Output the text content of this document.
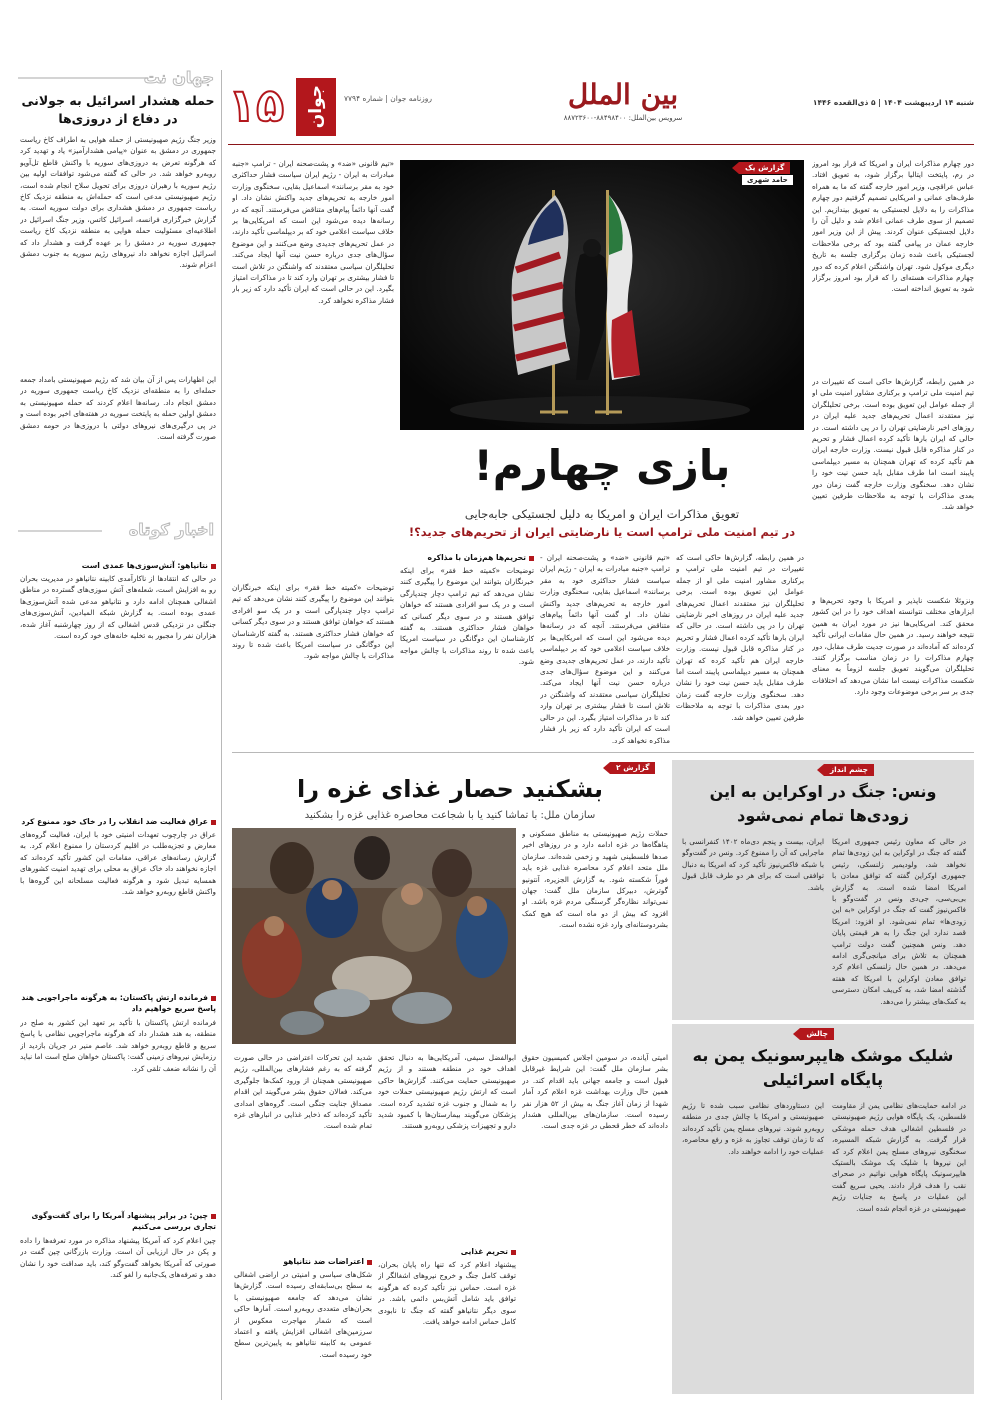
۱۵ جوان	روزنامه جوان | شماره ۷۷۹۴	بین الملل
سرویس بین‌الملل: ۸۸۴۹۸۴۰۰-۸۸۷۲۳۶۰۰
شنبه ۱۴ اردیبهشت ۱۴۰۴ | ۵ ذی‌القعده ۱۴۴۶
جهان نت
حمله هشدار اسرائیل به جولانی در دفاع از دروزی‌ها
وزیر جنگ رژیم صهیونیستی از حمله هوایی به اطراف کاخ ریاست جمهوری در دمشق به عنوان «پیامی هشدارآمیز» یاد و تهدید کرد که هرگونه تعرض به دروزی‌های سوریه با واکنش قاطع تل‌آویو روبه‌رو خواهد شد. در حالی که گفته می‌شود توافقات اولیه بین رژیم سوریه با رهبران دروزی برای تحویل سلاح انجام شده است، رژیم صهیونیستی مدعی است که حمله‌اش به منطقه نزدیک کاخ ریاست جمهوری در دمشق هشداری برای دولت سوریه است. به گزارش خبرگزاری فرانسه، اسرائیل کاتس، وزیر جنگ اسرائیل در اطلاعیه‌ای مسئولیت حمله هوایی به منطقه نزدیک کاخ ریاست جمهوری سوریه در دمشق را بر عهده گرفت و هشدار داد که اسرائیل اجازه نخواهد داد نیروهای رژیم سوریه به جنوب دمشق اعزام شوند.
این اظهارات پس از آن بیان شد که رژیم صهیونیستی بامداد جمعه حمله‌ای را به منطقه‌ای نزدیک کاخ ریاست جمهوری سوریه در دمشق انجام داد. رسانه‌ها اعلام کردند که حمله صهیونیستی به دمشق اولین حمله به پایتخت سوریه در هفته‌های اخیر بوده است و در پی درگیری‌های نیروهای دولتی با دروزی‌ها در حومه دمشق صورت گرفته است.
اخبار کوتاه
نتانیاهو: آتش‌سوزی‌ها عمدی است
در حالی که انتقادها از ناکارآمدی کابینه نتانیاهو در مدیریت بحران رو به افزایش است، شعله‌های آتش سوزی‌های گسترده در مناطق اشغالی همچنان ادامه دارد و نتانیاهو مدعی شده آتش‌سوزی‌ها عمدی بوده است. به گزارش شبکه المیادین، آتش‌سوزی‌های جنگلی در نزدیکی قدس اشغالی که از روز چهارشنبه آغاز شده، هزاران نفر را مجبور به تخلیه خانه‌های خود کرده است.
عراق فعالیت ضد انقلاب را در خاک خود ممنوع کرد
عراق در چارچوب تعهدات امنیتی خود با ایران، فعالیت گروه‌های معارض و تجزیه‌طلب در اقلیم کردستان را ممنوع اعلام کرد. به گزارش رسانه‌های عراقی، مقامات این کشور تأکید کرده‌اند که اجازه نخواهند داد خاک عراق به محلی برای تهدید امنیت کشورهای همسایه تبدیل شود و هرگونه فعالیت مسلحانه این گروه‌ها با واکنش قاطع روبه‌رو خواهد شد.
فرمانده ارتش پاکستان: به هرگونه ماجراجویی هند پاسخ سریع خواهیم داد
فرمانده ارتش پاکستان با تأکید بر تعهد این کشور به صلح در منطقه، به هند هشدار داد که هرگونه ماجراجویی نظامی با پاسخ سریع و قاطع روبه‌رو خواهد شد. عاصم منیر در جریان بازدید از رزمایش نیروهای زمینی گفت: پاکستان خواهان صلح است اما نباید آن را نشانه ضعف تلقی کرد.
چین: در برابر پیشنهاد آمریکا را برای گفت‌وگوی تجاری بررسی می‌کنیم
چین اعلام کرد که آمریکا پیشنهاد مذاکره در مورد تعرفه‌ها را داده و پکن در حال ارزیابی آن است. وزارت بازرگانی چین گفت در صورتی که آمریکا بخواهد گفت‌وگو کند، باید صداقت خود را نشان دهد و تعرفه‌های یک‌جانبه را لغو کند.
دور چهارم مذاکرات ایران و امریکا که قرار بود امروز در رم، پایتخت ایتالیا برگزار شود، به تعویق افتاد. عباس عراقچی، وزیر امور خارجه گفته که ما به همراه طرف‌های عمانی و امریکایی تصمیم گرفتیم دور چهارم مذاکرات را به دلایل لجستیکی به تعویق بیندازیم. این تصمیم از سوی طرف عمانی اعلام شد و دلیل آن را دلایل لجستیکی عنوان کردند. پیش از این وزیر امور خارجه عمان در پیامی گفته بود که برخی ملاحظات لجستیکی باعث شده زمان برگزاری جلسه به تاریخ دیگری موکول شود. تهران واشنگتن اعلام کرده که دور چهارم مذاکرات هسته‌ای را که قرار بود امروز برگزار شود به تعویق انداخته است.
در همین رابطه، گزارش‌ها حاکی است که تغییرات در تیم امنیت ملی ترامپ و برکناری مشاور امنیت ملی او از جمله عوامل این تعویق بوده است. برخی تحلیلگران نیز معتقدند اعمال تحریم‌های جدید علیه ایران در روزهای اخیر نارضایتی تهران را در پی داشته است. در حالی که ایران بارها تأکید کرده اعمال فشار و تحریم در کنار مذاکره قابل قبول نیست. وزارت خارجه ایران هم تأکید کرده که تهران همچنان به مسیر دیپلماسی پایبند است اما طرف مقابل باید حسن نیت خود را نشان دهد. سخنگوی وزارت خارجه گفت زمان دور بعدی مذاکرات با توجه به ملاحظات طرفین تعیین خواهد شد.
ونزوئلا شکست ناپذیر و امریکا با وجود تحریم‌ها و ابزارهای مختلف نتوانسته اهداف خود را در این کشور محقق کند. امریکایی‌ها نیز در مورد ایران به همین نتیجه خواهند رسید. در همین حال مقامات ایرانی تأکید کرده‌اند که آماده‌اند در صورت جدیت طرف مقابل، دور چهارم مذاکرات را در زمان مناسب برگزار کنند. تحلیلگران می‌گویند تعویق جلسه لزوماً به معنای شکست مذاکرات نیست اما نشان می‌دهد که اختلافات جدی بر سر برخی موضوعات وجود دارد.
گزارش یک
حامد شهری
بازی چهارم!
تعویق مذاکرات ایران و امریکا به دلیل لجستیکی جابه‌جایی
در تیم امنیت ملی ترامپ است یا نارضایتی ایران از تحریم‌های جدید؟!
«تیم قانونی «ضد» و پشت‌صحنه ایران - ترامپ «جنبه مبادرات به ایران - رژیم ایران سیاست فشار حداکثری خود به مقر برسانند» اسماعیل بقایی، سخنگوی وزارت امور خارجه به تحریم‌های جدید واکنش نشان داد. او گفت آنها دائماً پیام‌های متناقض می‌فرستند. آنچه که در رسانه‌ها دیده می‌شود این است که امریکایی‌ها بر خلاف سیاست اعلامی خود که بر دیپلماسی تأکید دارند، در عمل تحریم‌های جدیدی وضع می‌کنند و این موضوع سؤال‌های جدی درباره حسن نیت آنها ایجاد می‌کند. تحلیلگران سیاسی معتقدند که واشنگتن در تلاش است تا فشار بیشتری بر تهران وارد کند تا در مذاکرات امتیاز بگیرد. این در حالی است که ایران تأکید دارد که زیر بار فشار مذاکره نخواهد کرد.
توضیحات «کمیته خط فقر» برای اینکه خبرنگاران بتوانند این موضوع را پیگیری کنند نشان می‌دهد که تیم ترامپ دچار چندپارگی است و در یک سو افرادی هستند که خواهان توافق هستند و در سوی دیگر کسانی که خواهان فشار حداکثری هستند. به گفته کارشناسان این دوگانگی در سیاست امریکا باعث شده تا روند مذاکرات با چالش مواجه شود.
در همین رابطه، گزارش‌ها حاکی است که تغییرات در تیم امنیت ملی ترامپ و برکناری مشاور امنیت ملی او از جمله عوامل این تعویق بوده است. برخی تحلیلگران نیز معتقدند اعمال تحریم‌های جدید علیه ایران در روزهای اخیر نارضایتی تهران را در پی داشته است. در حالی که ایران بارها تأکید کرده اعمال فشار و تحریم در کنار مذاکره قابل قبول نیست. وزارت خارجه ایران هم تأکید کرده که تهران همچنان به مسیر دیپلماسی پایبند است اما طرف مقابل باید حسن نیت خود را نشان دهد. سخنگوی وزارت خارجه گفت زمان دور بعدی مذاکرات با توجه به ملاحظات طرفین تعیین خواهد شد.
«تیم قانونی «ضد» و پشت‌صحنه ایران - ترامپ «جنبه مبادرات به ایران - رژیم ایران سیاست فشار حداکثری خود به مقر برسانند» اسماعیل بقایی، سخنگوی وزارت امور خارجه به تحریم‌های جدید واکنش نشان داد. او گفت آنها دائماً پیام‌های متناقض می‌فرستند. آنچه که در رسانه‌ها دیده می‌شود این است که امریکایی‌ها بر خلاف سیاست اعلامی خود که بر دیپلماسی تأکید دارند، در عمل تحریم‌های جدیدی وضع می‌کنند و این موضوع سؤال‌های جدی درباره حسن نیت آنها ایجاد می‌کند. تحلیلگران سیاسی معتقدند که واشنگتن در تلاش است تا فشار بیشتری بر تهران وارد کند تا در مذاکرات امتیاز بگیرد. این در حالی است که ایران تأکید دارد که زیر بار فشار مذاکره نخواهد کرد.
تحریم‌ها هم‌زمان با مذاکره
توضیحات «کمیته خط فقر» برای اینکه خبرنگاران بتوانند این موضوع را پیگیری کنند نشان می‌دهد که تیم ترامپ دچار چندپارگی است و در یک سو افرادی هستند که خواهان توافق هستند و در سوی دیگر کسانی که خواهان فشار حداکثری هستند. به گفته کارشناسان این دوگانگی در سیاست امریکا باعث شده تا روند مذاکرات با چالش مواجه شود.
چشم انداز
ونس: جنگ در اوکراین به این زودی‌ها تمام نمی‌شود
در حالی که معاون رئیس جمهوری امریکا گفته که جنگ در اوکراین به این زودی‌ها تمام نخواهد شد، ولودیمیر زلنسکی، رئیس جمهوری اوکراین گفته که توافق معادن با امریکا امضا شده است. به گزارش بی‌بی‌سی، جی‌دی ونس در گفت‌وگو با فاکس‌نیوز گفت که جنگ در اوکراین «به این زودی‌ها» تمام نمی‌شود. او افزود: امریکا قصد ندارد این جنگ را به هر قیمتی پایان دهد. ونس همچنین گفت دولت ترامپ همچنان به تلاش برای میانجی‌گری ادامه می‌دهد. در همین حال زلنسکی اعلام کرد توافق معادن اوکراین با امریکا که هفته گذشته امضا شد، به کی‌یف امکان دسترسی به کمک‌های بیشتر را می‌دهد.
ایران، بیست و پنجم دی‌ماه ۱۴۰۲ کنفرانسی با ماجرایی که آن را ممنوع کرد. ونس در گفت‌وگو با شبکه فاکس‌نیوز تأکید کرد که امریکا به دنبال توافقی است که برای هر دو طرف قابل قبول باشد.
چالش
شلیک موشک هایپرسونیک یمن به پایگاه اسرائیلی
در ادامه حمایت‌های نظامی یمن از مقاومت فلسطین، یک پایگاه هوایی رژیم صهیونیستی در فلسطین اشغالی هدف حمله موشکی قرار گرفت. به گزارش شبکه المسیره، سخنگوی نیروهای مسلح یمن اعلام کرد که این نیروها با شلیک یک موشک بالستیک هایپرسونیک پایگاه هوایی نواتیم در صحرای نقب را هدف قرار دادند. یحیی سریع گفت این عملیات در پاسخ به جنایات رژیم صهیونیستی در غزه انجام شده است.
این دستاوردهای نظامی سبب شده تا رژیم صهیونیستی و امریکا با چالش جدی در منطقه روبه‌رو شوند. نیروهای مسلح یمن تأکید کرده‌اند که تا زمان توقف تجاوز به غزه و رفع محاصره، عملیات خود را ادامه خواهند داد.
گزارش ۲
بشکنید حصار غذای غزه را
سازمان ملل: با تماشا کنید یا با شجاعت محاصره غذایی غزه را بشکنید
حملات رژیم صهیونیستی به مناطق مسکونی و پناهگاه‌ها در غزه ادامه دارد و در روزهای اخیر صدها فلسطینی شهید و زخمی شده‌اند. سازمان ملل متحد اعلام کرد محاصره غذایی غزه باید فوراً شکسته شود. به گزارش الجزیره، آنتونیو گوترش، دبیرکل سازمان ملل گفت: جهان نمی‌تواند نظاره‌گر گرسنگی مردم غزه باشد. او افزود که بیش از دو ماه است که هیچ کمک بشردوستانه‌ای وارد غزه نشده است.
امیتی آیانده، در سومین اجلاس کمیسیون حقوق بشر سازمان ملل گفت: این شرایط غیرقابل قبول است و جامعه جهانی باید اقدام کند. در همین حال وزارت بهداشت غزه اعلام کرد آمار شهدا از زمان آغاز جنگ به بیش از ۵۲ هزار نفر رسیده است. سازمان‌های بین‌المللی هشدار داده‌اند که خطر قحطی در غزه جدی است.
ابوالفضل سیفی، آمریکایی‌ها به دنبال تحقق اهداف خود در منطقه هستند و از رژیم صهیونیستی حمایت می‌کنند. گزارش‌ها حاکی است که ارتش رژیم صهیونیستی حملات خود را به شمال و جنوب غزه تشدید کرده است. پزشکان می‌گویند بیمارستان‌ها با کمبود شدید دارو و تجهیزات پزشکی روبه‌رو هستند.
تحریم غذایی
پیشنهاد اعلام کرد که تنها راه پایان بحران، توقف کامل جنگ و خروج نیروهای اشغالگر از غزه است. حماس نیز تأکید کرده که هرگونه توافق باید شامل آتش‌بس دائمی باشد. در سوی دیگر نتانیاهو گفته که جنگ تا نابودی کامل حماس ادامه خواهد یافت.
شدید این تحرکات اعتراضی در حالی صورت گرفته که به رغم فشارهای بین‌المللی، رژیم صهیونیستی همچنان از ورود کمک‌ها جلوگیری می‌کند. فعالان حقوق بشر می‌گویند این اقدام مصداق جنایت جنگی است. گروه‌های امدادی تأکید کرده‌اند که ذخایر غذایی در انبارهای غزه تمام شده است.
اعتراضات ضد نتانیاهو
شکل‌های سیاسی و امنیتی در اراضی اشغالی به سطح بی‌سابقه‌ای رسیده است. گزارش‌ها نشان می‌دهد که جامعه صهیونیستی با بحران‌های متعددی روبه‌رو است. آمارها حاکی است که شمار مهاجرت معکوس از سرزمین‌های اشغالی افزایش یافته و اعتماد عمومی به کابینه نتانیاهو به پایین‌ترین سطح خود رسیده است.
